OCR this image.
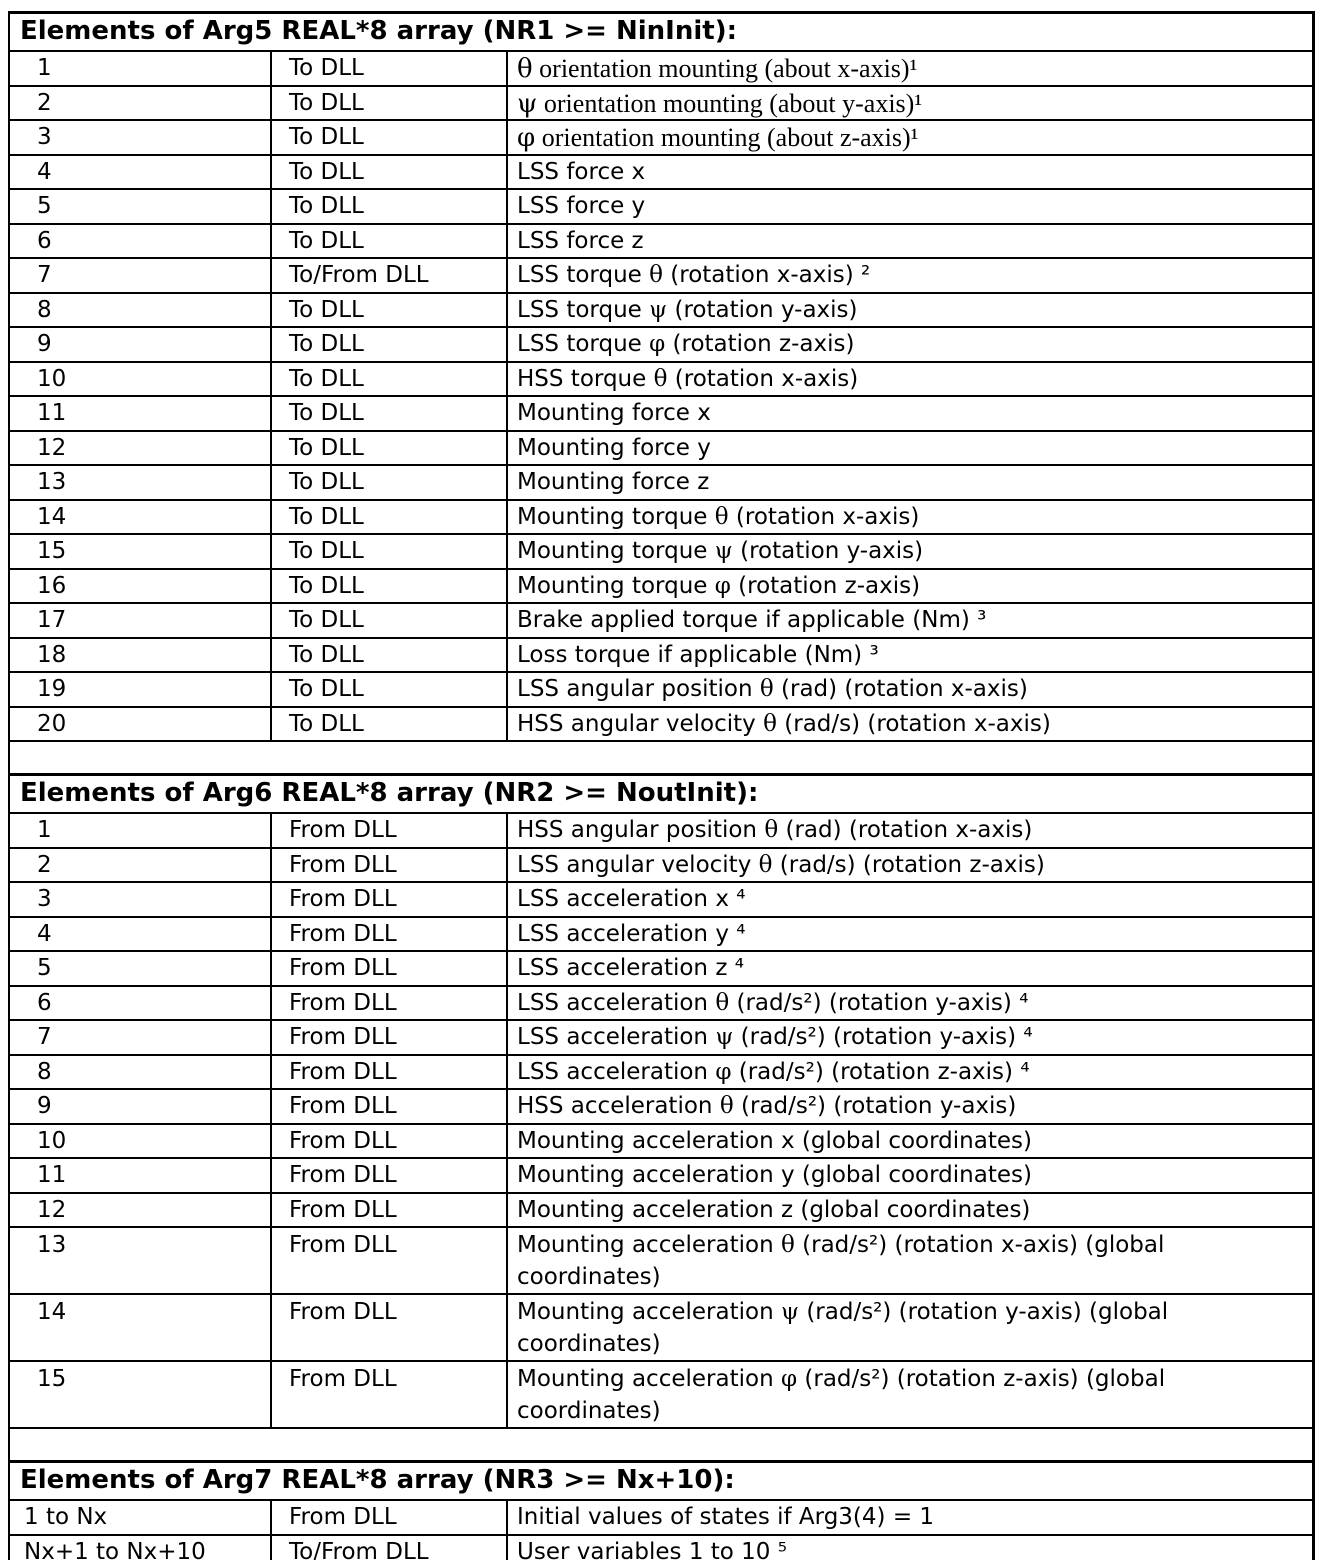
Elements of Arg5 REAL*8 array (NR1 >= NinInit):
1	To DLL	θ orientation mounting (about x-axis)¹
2	To DLL	ψ orientation mounting (about y-axis)¹
3	To DLL	φ orientation mounting (about z-axis)¹
4	To DLL	LSS force x
5	To DLL	LSS force y
6	To DLL	LSS force z
7	To/From DLL	LSS torque θ (rotation x-axis) ²
8	To DLL	LSS torque ψ (rotation y-axis)
9	To DLL	LSS torque φ (rotation z-axis)
10	To DLL	HSS torque θ (rotation x-axis)
11	To DLL	Mounting force x
12	To DLL	Mounting force y
13	To DLL	Mounting force z
14	To DLL	Mounting torque θ (rotation x-axis)
15	To DLL	Mounting torque ψ (rotation y-axis)
16	To DLL	Mounting torque φ (rotation z-axis)
17	To DLL	Brake applied torque if applicable (Nm) ³
18	To DLL	Loss torque if applicable (Nm) ³
19	To DLL	LSS angular position θ (rad) (rotation x-axis)
20	To DLL	HSS angular velocity θ (rad/s) (rotation x-axis)
Elements of Arg6 REAL*8 array (NR2 >= NoutInit):
1	From DLL	HSS angular position θ (rad) (rotation x-axis)
2	From DLL	LSS angular velocity θ (rad/s) (rotation z-axis)
3	From DLL	LSS acceleration x ⁴
4	From DLL	LSS acceleration y ⁴
5	From DLL	LSS acceleration z ⁴
6	From DLL	LSS acceleration θ (rad/s²) (rotation y-axis) ⁴
7	From DLL	LSS acceleration ψ (rad/s²) (rotation y-axis) ⁴
8	From DLL	LSS acceleration φ (rad/s²) (rotation z-axis) ⁴
9	From DLL	HSS acceleration θ (rad/s²) (rotation y-axis)
10	From DLL	Mounting acceleration x (global coordinates)
11	From DLL	Mounting acceleration y (global coordinates)
12	From DLL	Mounting acceleration z (global coordinates)
13	From DLL	Mounting acceleration θ (rad/s²) (rotation x-axis) (global coordinates)
14	From DLL	Mounting acceleration ψ (rad/s²) (rotation y-axis) (global coordinates)
15	From DLL	Mounting acceleration φ (rad/s²) (rotation z-axis) (global coordinates)
Elements of Arg7 REAL*8 array (NR3 >= Nx+10):
1 to Nx	From DLL	Initial values of states if Arg3(4) = 1
Nx+1 to Nx+10	To/From DLL	User variables 1 to 10 ⁵
